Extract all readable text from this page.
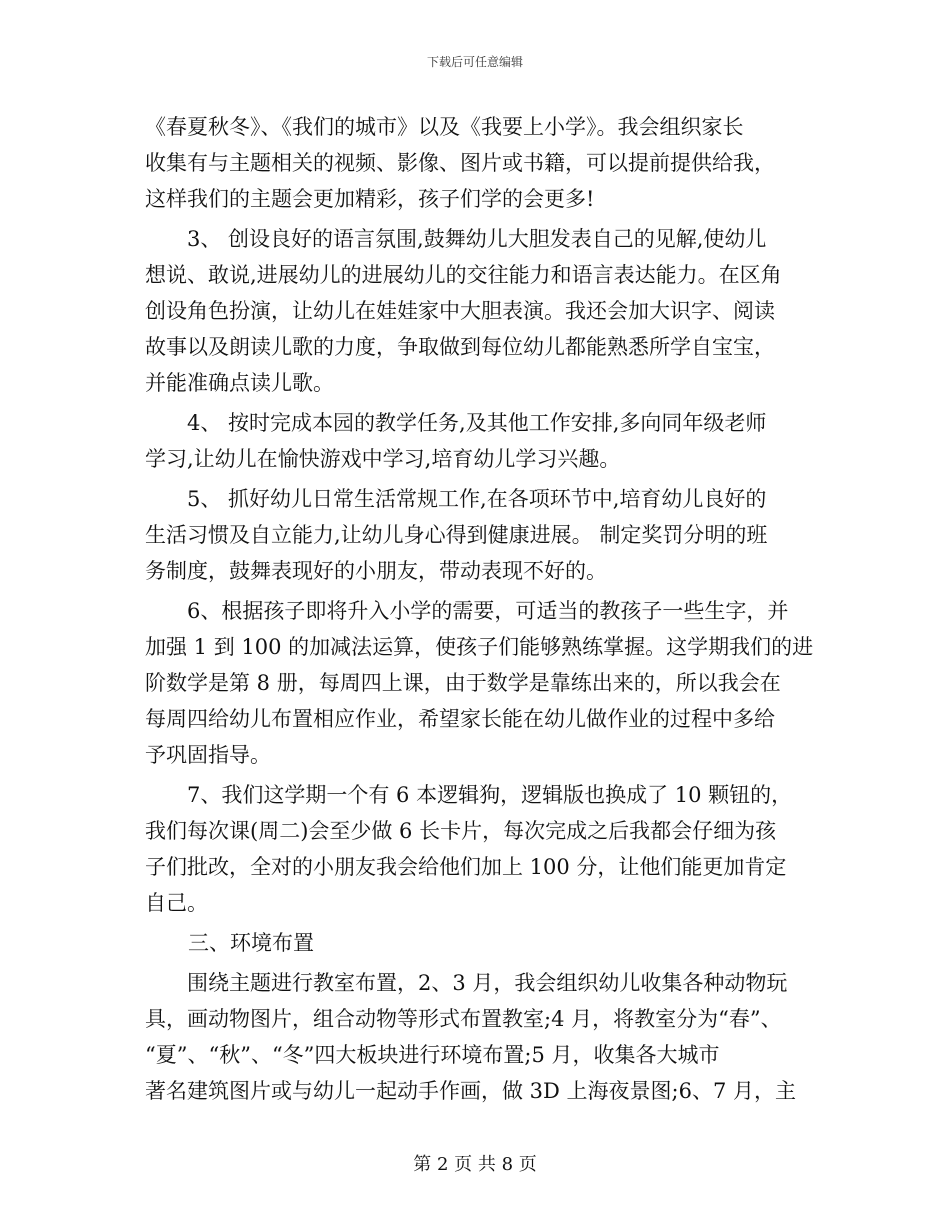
下载后可任意编辑
《春夏秋冬》、《我们的城市》以及《我要上小学》。我会组织家长
收集有与主题相关的视频、影像、图片或书籍，可以提前提供给我，
这样我们的主题会更加精彩，孩子们学的会更多!
3、 创设良好的语言氛围,鼓舞幼儿大胆发表自己的见解,使幼儿
想说、敢说,进展幼儿的进展幼儿的交往能力和语言表达能力。在区角
创设角色扮演，让幼儿在娃娃家中大胆表演。我还会加大识字、阅读
故事以及朗读儿歌的力度，争取做到每位幼儿都能熟悉所学自宝宝，
并能准确点读儿歌。
4、 按时完成本园的教学任务,及其他工作安排,多向同年级老师
学习,让幼儿在愉快游戏中学习,培育幼儿学习兴趣。
5、 抓好幼儿日常生活常规工作,在各项环节中,培育幼儿良好的
生活习惯及自立能力,让幼儿身心得到健康进展。 制定奖罚分明的班
务制度，鼓舞表现好的小朋友，带动表现不好的。
6、根据孩子即将升入小学的需要，可适当的教孩子一些生字，并
加强 1 到 100 的加减法运算，使孩子们能够熟练掌握。这学期我们的进
阶数学是第 8 册，每周四上课，由于数学是靠练出来的，所以我会在
每周四给幼儿布置相应作业，希望家长能在幼儿做作业的过程中多给
予巩固指导。
7、我们这学期一个有 6 本逻辑狗，逻辑版也换成了 10 颗钮的，
我们每次课(周二)会至少做 6 长卡片，每次完成之后我都会仔细为孩
子们批改，全对的小朋友我会给他们加上 100 分，让他们能更加肯定
自己。
三、环境布置
围绕主题进行教室布置，2、3 月，我会组织幼儿收集各种动物玩
具，画动物图片，组合动物等形式布置教室;4 月，将教室分为“春”、
“夏”、“秋”、“冬”四大板块进行环境布置;5 月，收集各大城市
著名建筑图片或与幼儿一起动手作画，做 3D 上海夜景图;6、7 月，主
第 2 页 共 8 页
